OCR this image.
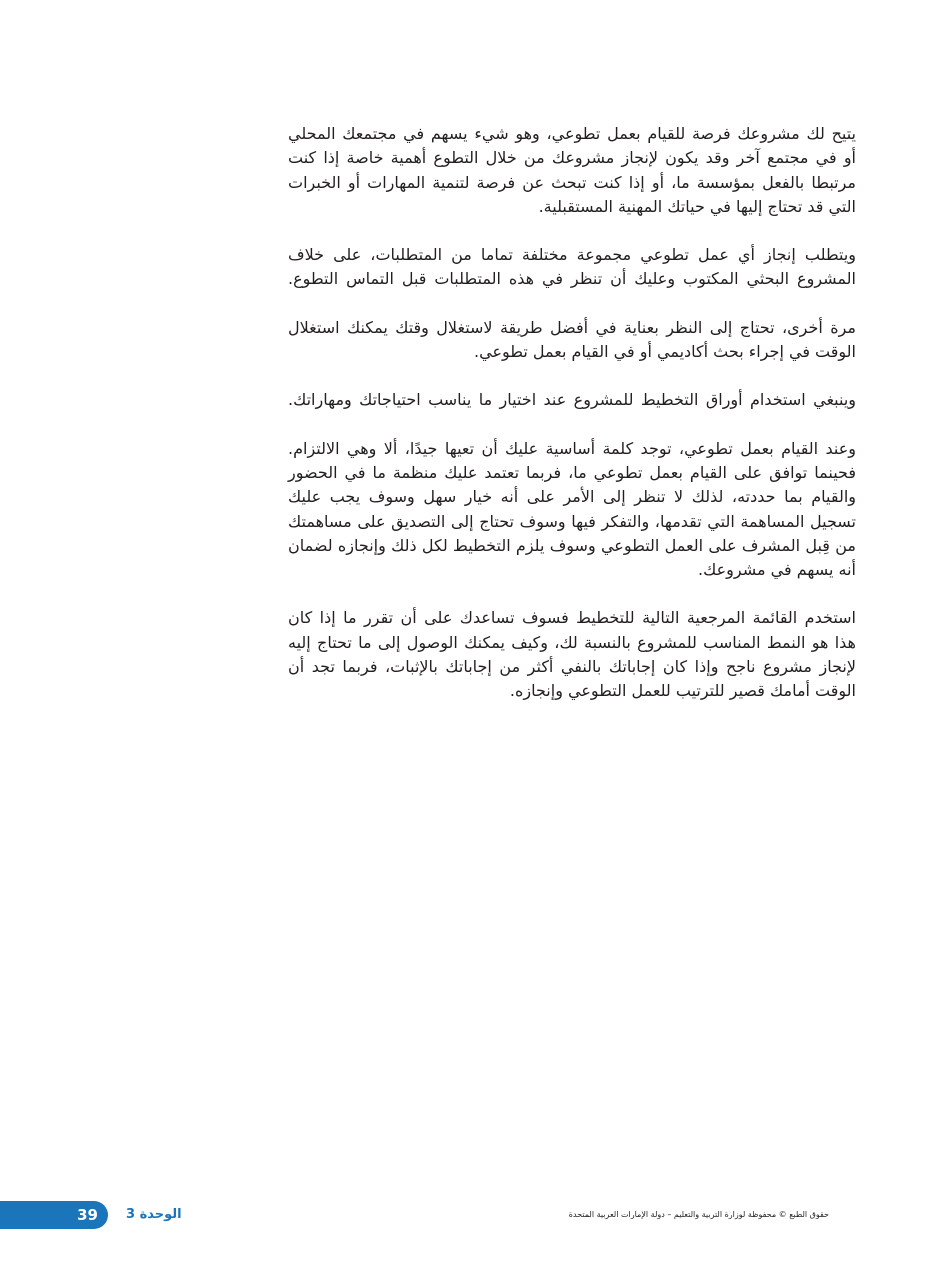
يتيح لك مشروعك فرصة للقيام بعمل تطوعي، وهو شيء يسهم في مجتمعك المحلي
أو في مجتمع آخر وقد يكون لإنجاز مشروعك من خلال التطوع أهمية خاصة إذا كنت
مرتبطا بالفعل بمؤسسة ما، أو إذا كنت تبحث عن فرصة لتنمية المهارات أو الخبرات
التي قد تحتاج إليها في حياتك المهنية المستقبلية.

ويتطلب إنجاز أي عمل تطوعي مجموعة مختلفة تماما من المتطلبات، على خلاف
المشروع البحثي المكتوب وعليك أن تنظر في هذه المتطلبات قبل التماس التطوع.

مرة أخرى، تحتاج إلى النظر بعناية في أفضل طريقة لاستغلال وقتك يمكنك استغلال
الوقت في إجراء بحث أكاديمي أو في القيام بعمل تطوعي.

وينبغي استخدام أوراق التخطيط للمشروع عند اختيار ما يناسب احتياجاتك ومهاراتك.

وعند القيام بعمل تطوعي، توجد كلمة أساسية عليك أن تعيها جيدًا، ألا وهي الالتزام.
فحينما توافق على القيام بعمل تطوعي ما، فربما تعتمد عليك منظمة ما في الحضور
والقيام بما حددته، لذلك لا تنظر إلى الأمر على أنه خيار سهل وسوف يجب عليك
تسجيل المساهمة التي تقدمها، والتفكر فيها وسوف تحتاج إلى التصديق على مساهمتك
من قِبل المشرف على العمل التطوعي وسوف يلزم التخطيط لكل ذلك وإنجازه لضمان
أنه يسهم في مشروعك.

استخدم القائمة المرجعية التالية للتخطيط فسوف تساعدك على أن تقرر ما إذا كان
هذا هو النمط المناسب للمشروع بالنسبة لك، وكيف يمكنك الوصول إلى ما تحتاج إليه
لإنجاز مشروع ناجح وإذا كان إجاباتك بالنفي أكثر من إجاباتك بالإثبات، فربما تجد أن
الوقت أمامك قصير للترتيب للعمل التطوعي وإنجازه.

39	الوحدة 3	حقوق الطبع © محفوظة لوزارة التربية والتعليم – دولة الإمارات العربية المتحدة
